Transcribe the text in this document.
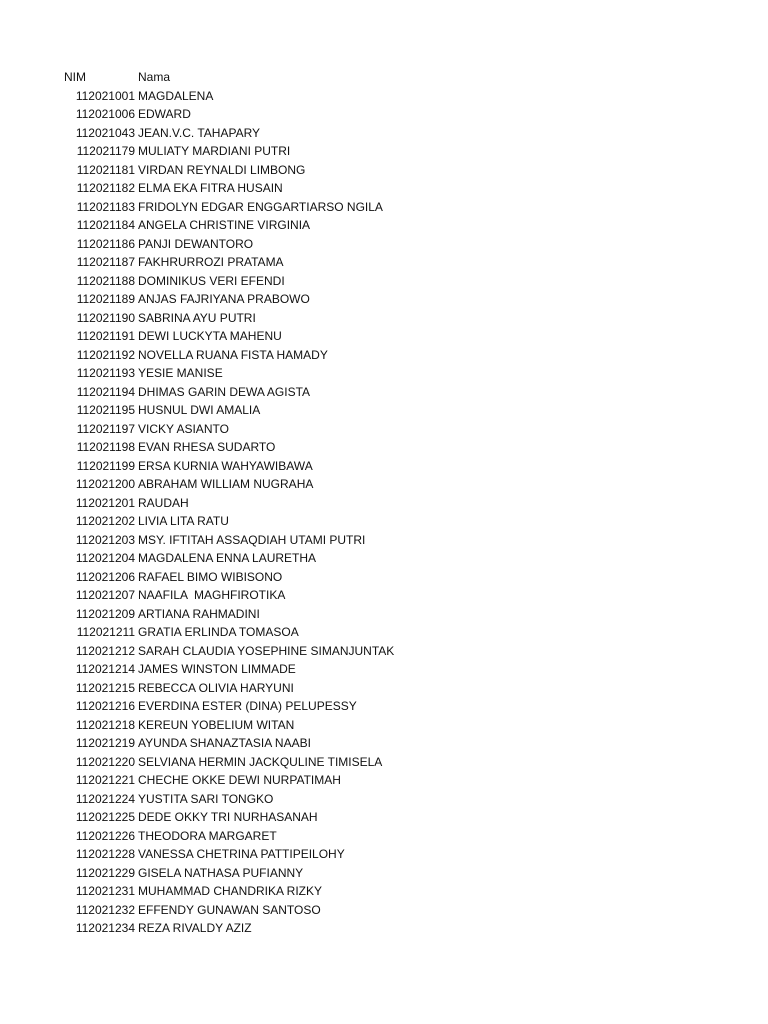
NIM	Nama
112021001 MAGDALENA
112021006 EDWARD
112021043 JEAN.V.C. TAHAPARY
112021179 MULIATY MARDIANI PUTRI
112021181 VIRDAN REYNALDI LIMBONG
112021182 ELMA EKA FITRA HUSAIN
112021183 FRIDOLYN EDGAR ENGGARTIARSO NGILA
112021184 ANGELA CHRISTINE VIRGINIA
112021186 PANJI DEWANTORO
112021187 FAKHRURROZI PRATAMA
112021188 DOMINIKUS VERI EFENDI
112021189 ANJAS FAJRIYANA PRABOWO
112021190 SABRINA AYU PUTRI
112021191 DEWI LUCKYTA MAHENU
112021192 NOVELLA RUANA FISTA HAMADY
112021193 YESIE MANISE
112021194 DHIMAS GARIN DEWA AGISTA
112021195 HUSNUL DWI AMALIA
112021197 VICKY ASIANTO
112021198 EVAN RHESA SUDARTO
112021199 ERSA KURNIA WAHYAWIBAWA
112021200 ABRAHAM WILLIAM NUGRAHA
112021201 RAUDAH
112021202 LIVIA LITA RATU
112021203 MSY. IFTITAH ASSAQDIAH UTAMI PUTRI
112021204 MAGDALENA ENNA LAURETHA
112021206 RAFAEL BIMO WIBISONO
112021207 NAAFILA  MAGHFIROTIKA
112021209 ARTIANA RAHMADINI
112021211 GRATIA ERLINDA TOMASOA
112021212 SARAH CLAUDIA YOSEPHINE SIMANJUNTAK
112021214 JAMES WINSTON LIMMADE
112021215 REBECCA OLIVIA HARYUNI
112021216 EVERDINA ESTER (DINA) PELUPESSY
112021218 KEREUN YOBELIUM WITAN
112021219 AYUNDA SHANAZTASIA NAABI
112021220 SELVIANA HERMIN JACKQULINE TIMISELA
112021221 CHECHE OKKE DEWI NURPATIMAH
112021224 YUSTITA SARI TONGKO
112021225 DEDE OKKY TRI NURHASANAH
112021226 THEODORA MARGARET
112021228 VANESSA CHETRINA PATTIPEILOHY
112021229 GISELA NATHASA PUFIANNY
112021231 MUHAMMAD CHANDRIKA RIZKY
112021232 EFFENDY GUNAWAN SANTOSO
112021234 REZA RIVALDY AZIZ
